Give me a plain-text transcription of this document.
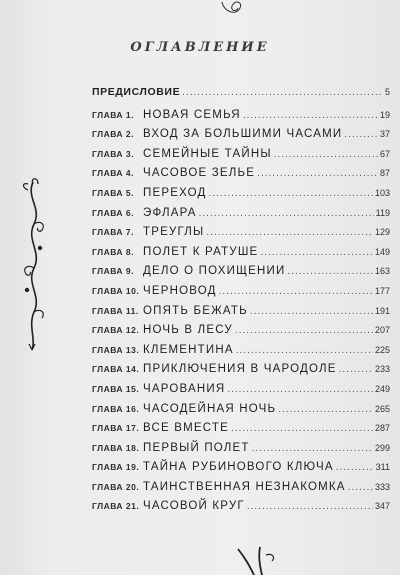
ОГЛАВЛЕНИЕ
ПРЕДИСЛОВИЕ .....	5
ГЛАВА 1. НОВАЯ СЕМЬЯ .....	19
ГЛАВА 2. ВХОД ЗА БОЛЬШИМИ ЧАСАМИ .....	37
ГЛАВА 3. СЕМЕЙНЫЕ ТАЙНЫ .....	67
ГЛАВА 4. ЧАСОВОЕ ЗЕЛЬЕ .....	87
ГЛАВА 5. ПЕРЕХОД .....	103
ГЛАВА 6. ЭФЛАРА .....	119
ГЛАВА 7. ТРЕУГЛЫ .....	129
ГЛАВА 8. ПОЛЕТ К РАТУШЕ .....	149
ГЛАВА 9. ДЕЛО О ПОХИЩЕНИИ .....	163
ГЛАВА 10. ЧЕРНОВОД .....	177
ГЛАВА 11. ОПЯТЬ БЕЖАТЬ .....	191
ГЛАВА 12. НОЧЬ В ЛЕСУ .....	207
ГЛАВА 13. КЛЕМЕНТИНА .....	225
ГЛАВА 14. ПРИКЛЮЧЕНИЯ В ЧАРОДОЛЕ .....	233
ГЛАВА 15. ЧАРОВАНИЯ .....	249
ГЛАВА 16. ЧАСОДЕЙНАЯ НОЧЬ .....	265
ГЛАВА 17. ВСЕ ВМЕСТЕ .....	287
ГЛАВА 18. ПЕРВЫЙ ПОЛЕТ .....	299
ГЛАВА 19. ТАЙНА РУБИНОВОГО КЛЮЧА .....	311
ГЛАВА 20. ТАИНСТВЕННАЯ НЕЗНАКОМКА .....	333
ГЛАВА 21. ЧАСОВОЙ КРУГ .....	347
